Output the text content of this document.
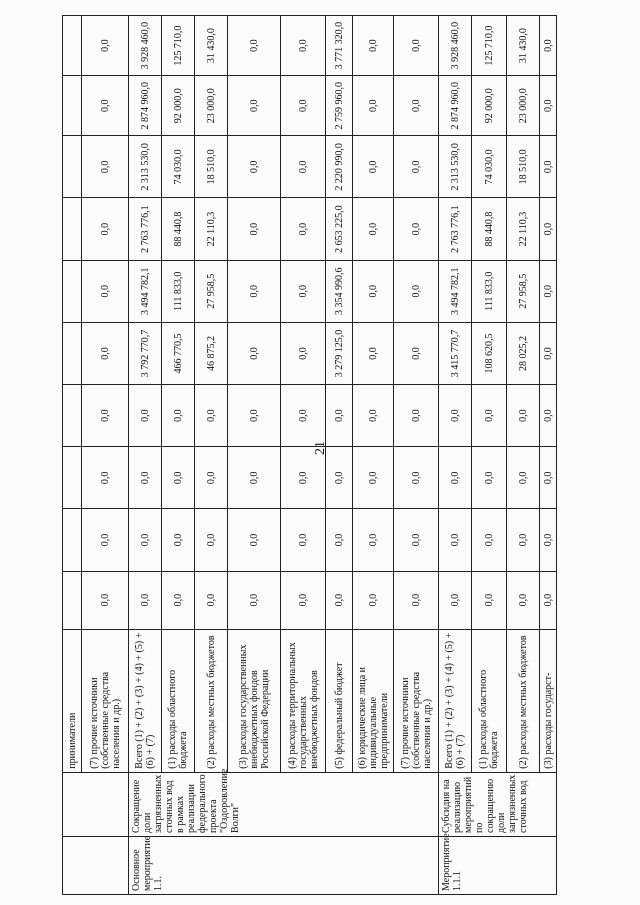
21
		приниматели										
		(7) прочие источники (собственные средства населения и др.)	0,0	0,0	0,0	0,0	0,0	0,0	0,0	0,0	0,0	0,0
Основное мероприятие 1.1.	Сокращение доли загрязненных сточных вод в рамках реализации федерального проекта "Оздоровление Волги"	Всего (1) + (2) + (3) + (4) + (5) + (6) + (7)	0,0	0,0	0,0	0,0	3 792 770,7	3 494 782,1	2 763 776,1	2 313 530,0	2 874 960,0	3 928 460,0
		(1) расходы областного бюджета	0,0	0,0	0,0	0,0	466 770,5	111 833,0	88 440,8	74 030,0	92 000,0	125 710,0
		(2) расходы местных бюджетов	0,0	0,0	0,0	0,0	46 875,2	27 958,5	22 110,3	18 510,0	23 000,0	31 430,0
		(3) расходы государственных внебюджетных фондов Российской Федерации	0,0	0,0	0,0	0,0	0,0	0,0	0,0	0,0	0,0	0,0
		(4) расходы территориальных государственных внебюджетных фондов	0,0	0,0	0,0	0,0	0,0	0,0	0,0	0,0	0,0	0,0
		(5) федеральный бюджет	0,0	0,0	0,0	0,0	3 279 125,0	3 354 990,6	2 653 225,0	2 220 990,0	2 759 960,0	3 771 320,0
		(6) юридические лица и индивидуальные предприниматели	0,0	0,0	0,0	0,0	0,0	0,0	0,0	0,0	0,0	0,0
		(7) прочие источники (собственные средства населения и др.)	0,0	0,0	0,0	0,0	0,0	0,0	0,0	0,0	0,0	0,0
Мероприятие 1.1.1	Субсидия на реализацию мероприятий по сокращению доли загрязненных сточных вод	Всего (1) + (2) + (3) + (4) + (5) + (6) + (7)	0,0	0,0	0,0	0,0	3 415 770,7	3 494 782,1	2 763 776,1	2 313 530,0	2 874 960,0	3 928 460,0
		(1) расходы областного бюджета	0,0	0,0	0,0	0,0	108 620,5	111 833,0	88 440,8	74 030,0	92 000,0	125 710,0
		(2) расходы местных бюджетов	0,0	0,0	0,0	0,0	28 025,2	27 958,5	22 110,3	18 510,0	23 000,0	31 430,0
		(3) расходы государст-	0,0	0,0	0,0	0,0	0,0	0,0	0,0	0,0	0,0	0,0
